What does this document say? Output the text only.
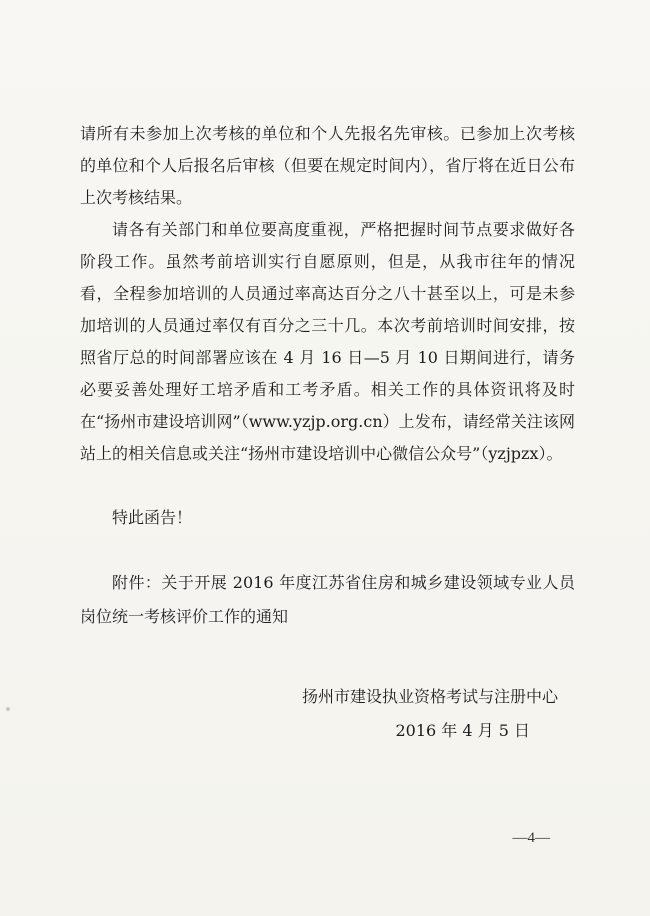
请所有未参加上次考核的单位和个人先报名先审核。已参加上次考核的单位和个人后报名后审核（但要在规定时间内），省厅将在近日公布上次考核结果。
请各有关部门和单位要高度重视，严格把握时间节点要求做好各阶段工作。虽然考前培训实行自愿原则，但是，从我市往年的情况看，全程参加培训的人员通过率高达百分之八十甚至以上，可是未参加培训的人员通过率仅有百分之三十几。本次考前培训时间安排，按照省厅总的时间部署应该在 4 月 16 日—5 月 10 日期间进行，请务必要妥善处理好工培矛盾和工考矛盾。相关工作的具体资讯将及时在“扬州市建设培训网”（www.yzjp.org.cn）上发布，请经常关注该网站上的相关信息或关注“扬州市建设培训中心微信公众号”（yzjpzx）。
特此函告！
附件：关于开展 2016 年度江苏省住房和城乡建设领域专业人员岗位统一考核评价工作的通知
扬州市建设执业资格考试与注册中心
2016 年 4 月 5 日
—4—
